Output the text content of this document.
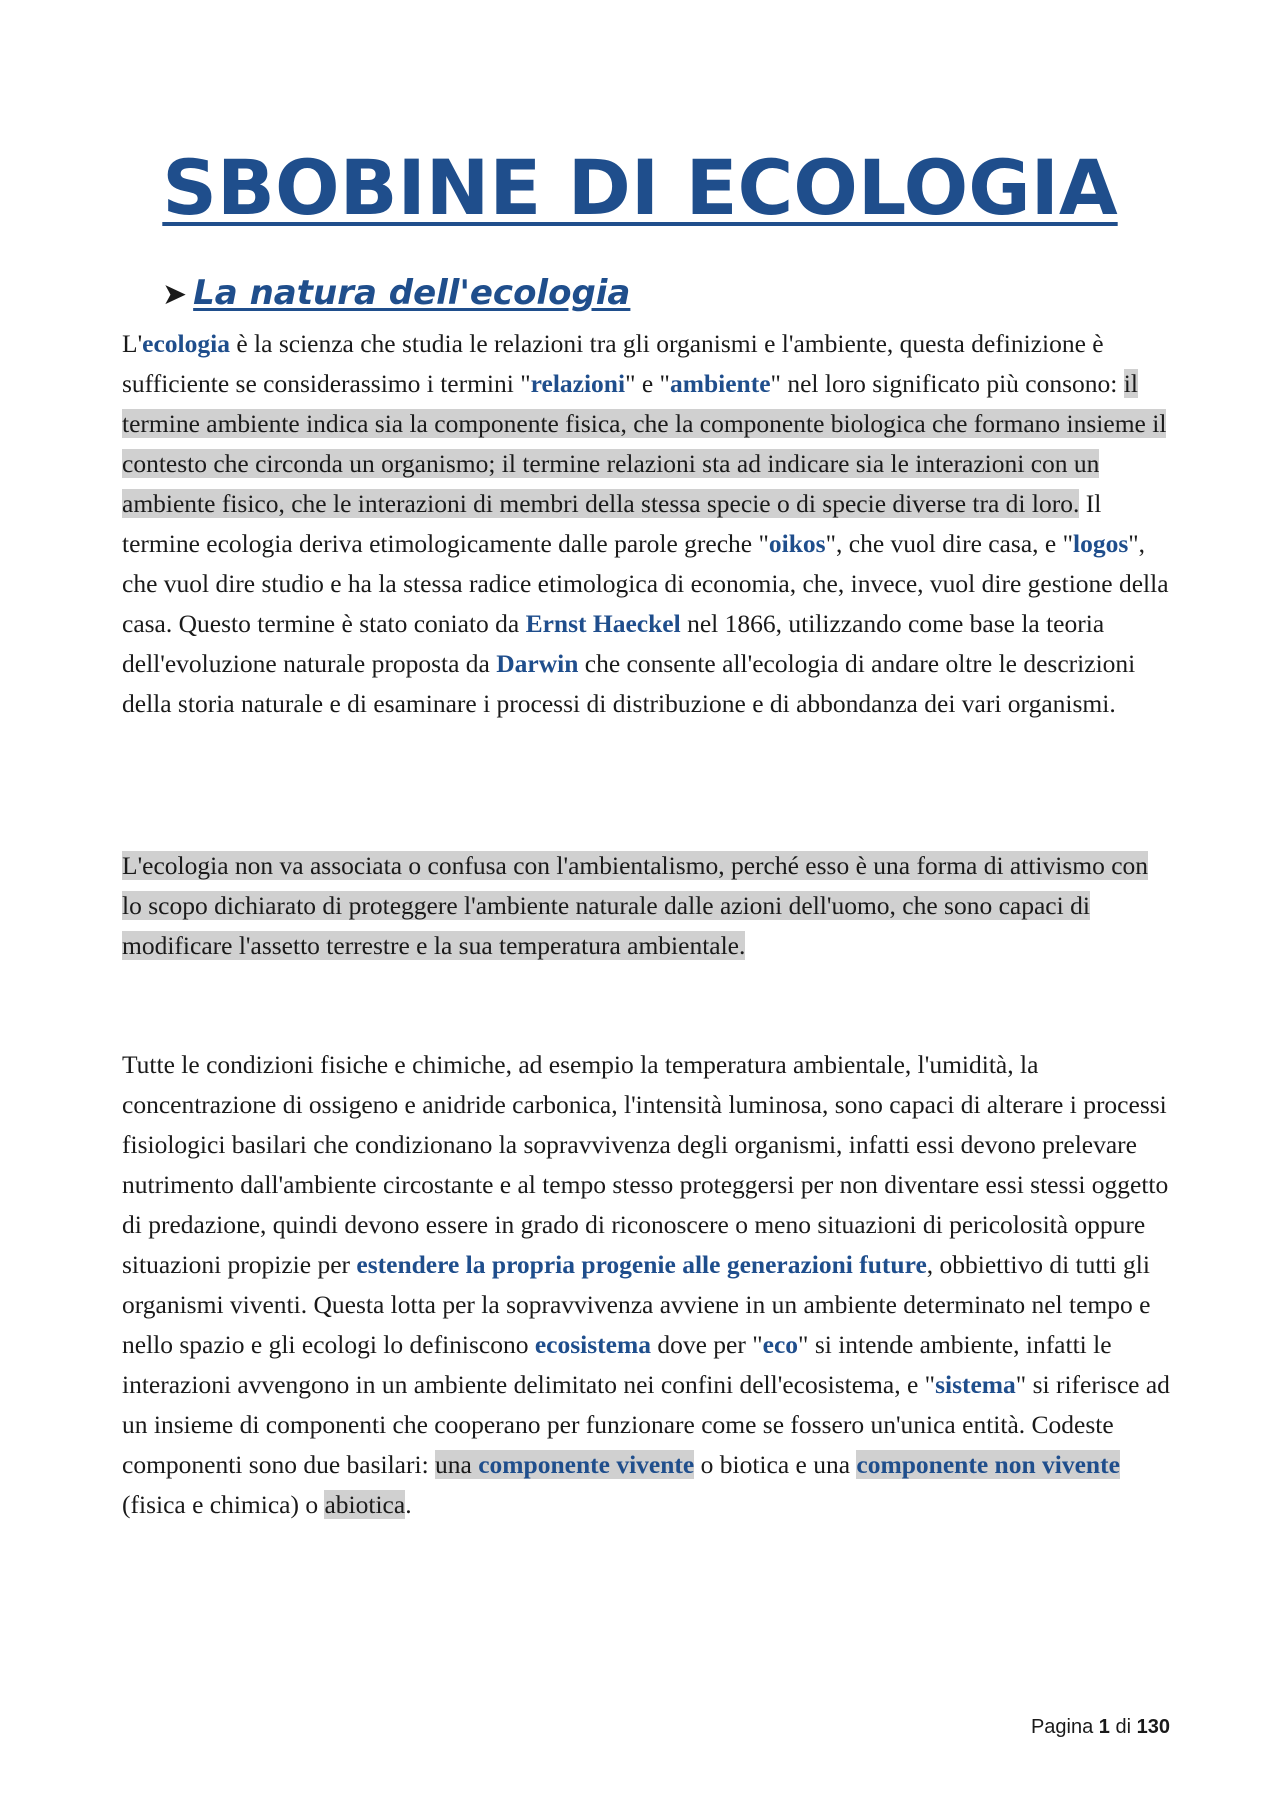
SBOBINE DI ECOLOGIA
➤ La natura dell'ecologia

L'ecologia è la scienza che studia le relazioni tra gli organismi e l'ambiente, questa definizione è sufficiente se considerassimo i termini "relazioni" e "ambiente" nel loro significato più consono: il termine ambiente indica sia la componente fisica, che la componente biologica che formano insieme il contesto che circonda un organismo; il termine relazioni sta ad indicare sia le interazioni con un ambiente fisico, che le interazioni di membri della stessa specie o di specie diverse tra di loro. Il termine ecologia deriva etimologicamente dalle parole greche "oikos", che vuol dire casa, e "logos", che vuol dire studio e ha la stessa radice etimologica di economia, che, invece, vuol dire gestione della casa. Questo termine è stato coniato da Ernst Haeckel nel 1866, utilizzando come base la teoria dell'evoluzione naturale proposta da Darwin che consente all'ecologia di andare oltre le descrizioni della storia naturale e di esaminare i processi di distribuzione e di abbondanza dei vari organismi.

L'ecologia non va associata o confusa con l'ambientalismo, perché esso è una forma di attivismo con lo scopo dichiarato di proteggere l'ambiente naturale dalle azioni dell'uomo, che sono capaci di modificare l'assetto terrestre e la sua temperatura ambientale.

Tutte le condizioni fisiche e chimiche, ad esempio la temperatura ambientale, l'umidità, la concentrazione di ossigeno e anidride carbonica, l'intensità luminosa, sono capaci di alterare i processi fisiologici basilari che condizionano la sopravvivenza degli organismi, infatti essi devono prelevare nutrimento dall'ambiente circostante e al tempo stesso proteggersi per non diventare essi stessi oggetto di predazione, quindi devono essere in grado di riconoscere o meno situazioni di pericolosità oppure situazioni propizie per estendere la propria progenie alle generazioni future, obbiettivo di tutti gli organismi viventi. Questa lotta per la sopravvivenza avviene in un ambiente determinato nel tempo e nello spazio e gli ecologi lo definiscono ecosistema dove per "eco" si intende ambiente, infatti le interazioni avvengono in un ambiente delimitato nei confini dell'ecosistema, e "sistema" si riferisce ad un insieme di componenti che cooperano per funzionare come se fossero un'unica entità. Codeste componenti sono due basilari: una componente vivente o biotica e una componente non vivente (fisica e chimica) o abiotica.

Pagina 1 di 130
